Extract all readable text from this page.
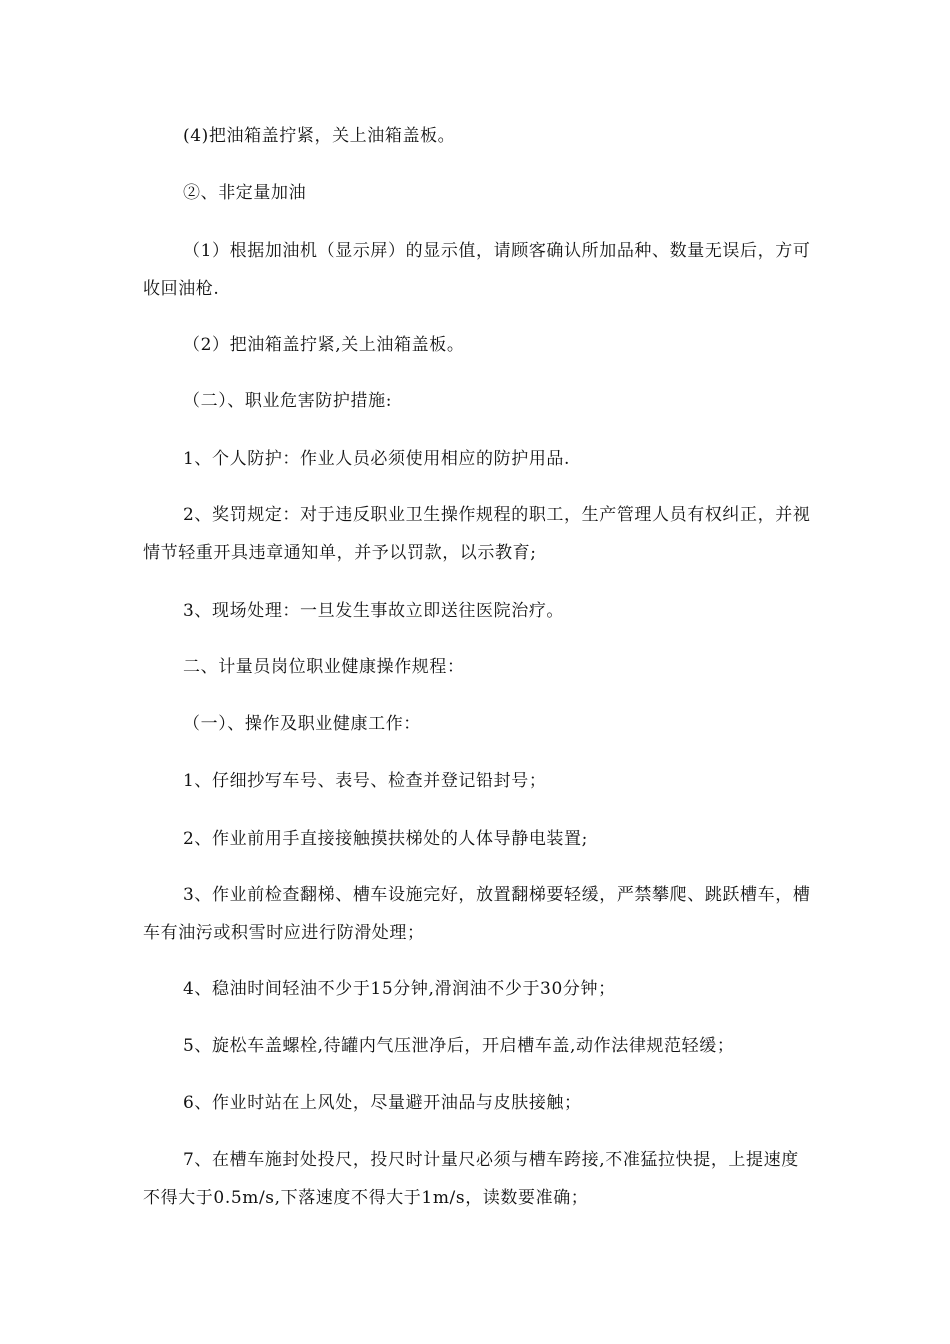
(4)把油箱盖拧紧，关上油箱盖板。

②、非定量加油

（1）根据加油机（显示屏）的显示值，请顾客确认所加品种、数量无误后，方可收回油枪.

（2）把油箱盖拧紧,关上油箱盖板。

（二）、职业危害防护措施:

1、个人防护：作业人员必须使用相应的防护用品.

2、奖罚规定：对于违反职业卫生操作规程的职工，生产管理人员有权纠正，并视情节轻重开具违章通知单，并予以罚款，以示教育;

3、现场处理：一旦发生事故立即送往医院治疗。

二、计量员岗位职业健康操作规程：

（一）、操作及职业健康工作：

1、仔细抄写车号、表号、检查并登记铅封号；

2、作业前用手直接接触摸扶梯处的人体导静电装置;

3、作业前检查翻梯、槽车设施完好，放置翻梯要轻缓，严禁攀爬、跳跃槽车，槽车有油污或积雪时应进行防滑处理；

4、稳油时间轻油不少于15分钟,滑润油不少于30分钟；

5、旋松车盖螺栓,待罐内气压泄净后，开启槽车盖,动作法律规范轻缓；

6、作业时站在上风处，尽量避开油品与皮肤接触；

7、在槽车施封处投尺，投尺时计量尺必须与槽车跨接,不准猛拉快提，上提速度不得大于0.5m/s,下落速度不得大于1m/s，读数要准确；
